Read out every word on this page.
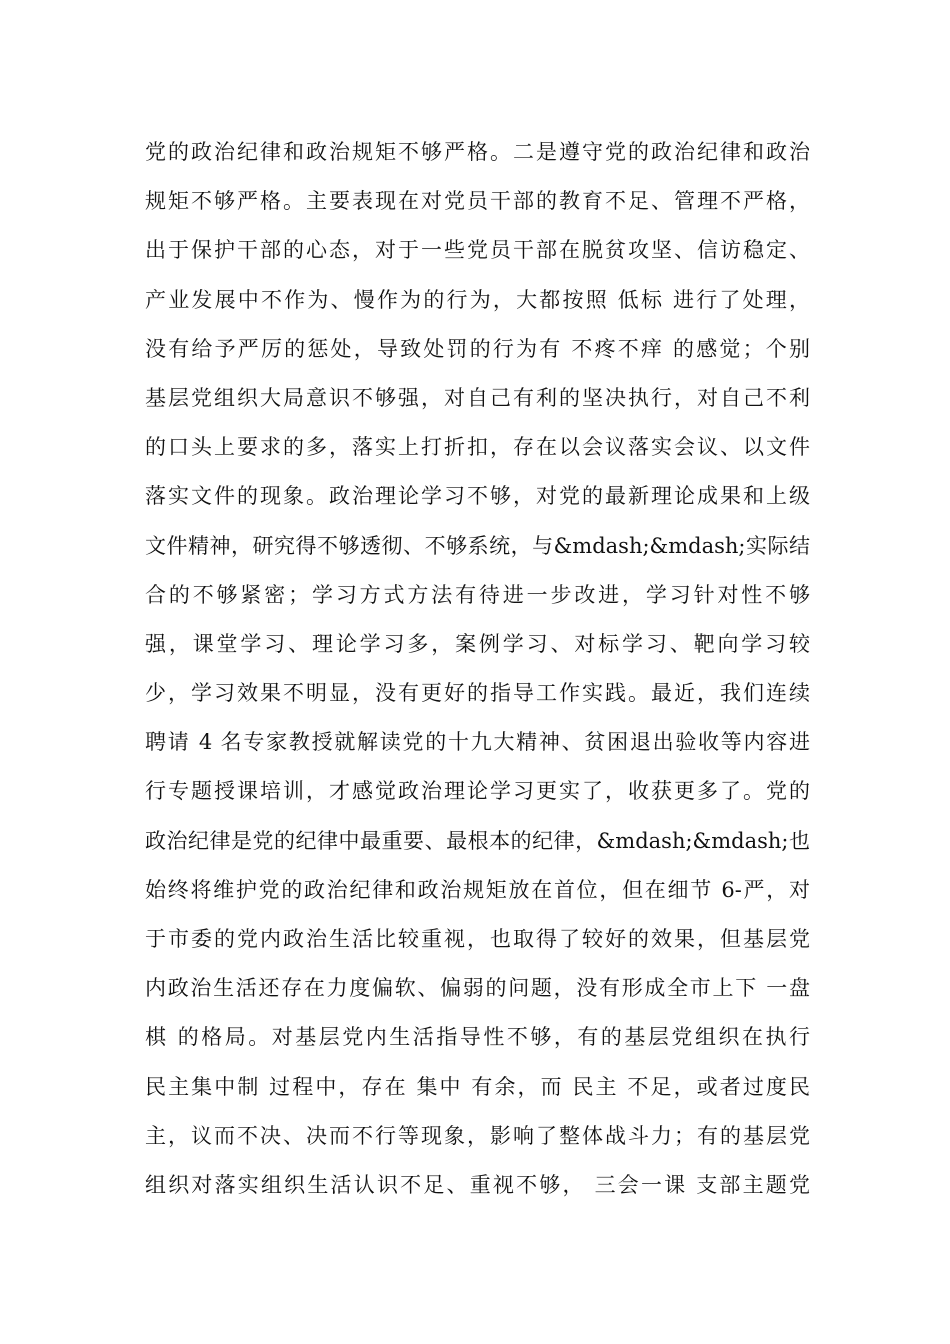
党的政治纪律和政治规矩不够严格。二是遵守党的政治纪律和政治
规矩不够严格。主要表现在对党员干部的教育不足、管理不严格，
出于保护干部的心态，对于一些党员干部在脱贫攻坚、信访稳定、
产业发展中不作为、慢作为的行为，大都按照 低标 进行了处理，
没有给予严厉的惩处，导致处罚的行为有 不疼不痒 的感觉；个别
基层党组织大局意识不够强，对自己有利的坚决执行，对自己不利
的口头上要求的多，落实上打折扣，存在以会议落实会议、以文件
落实文件的现象。政治理论学习不够，对党的最新理论成果和上级
文件精神，研究得不够透彻、不够系统，与&mdash;&mdash;实际结
合的不够紧密；学习方式方法有待进一步改进，学习针对性不够
强，课堂学习、理论学习多，案例学习、对标学习、靶向学习较
少，学习效果不明显，没有更好的指导工作实践。最近，我们连续
聘请 4 名专家教授就解读党的十九大精神、贫困退出验收等内容进
行专题授课培训，才感觉政治理论学习更实了，收获更多了。党的
政治纪律是党的纪律中最重要、最根本的纪律，&mdash;&mdash;也
始终将维护党的政治纪律和政治规矩放在首位，但在细节 6-严，对
于市委的党内政治生活比较重视，也取得了较好的效果，但基层党
内政治生活还存在力度偏软、偏弱的问题，没有形成全市上下 一盘
棋 的格局。对基层党内生活指导性不够，有的基层党组织在执行
民主集中制 过程中，存在 集中 有余，而 民主 不足，或者过度民
主，议而不决、决而不行等现象，影响了整体战斗力；有的基层党
组织对落实组织生活认识不足、重视不够， 三会一课 支部主题党
